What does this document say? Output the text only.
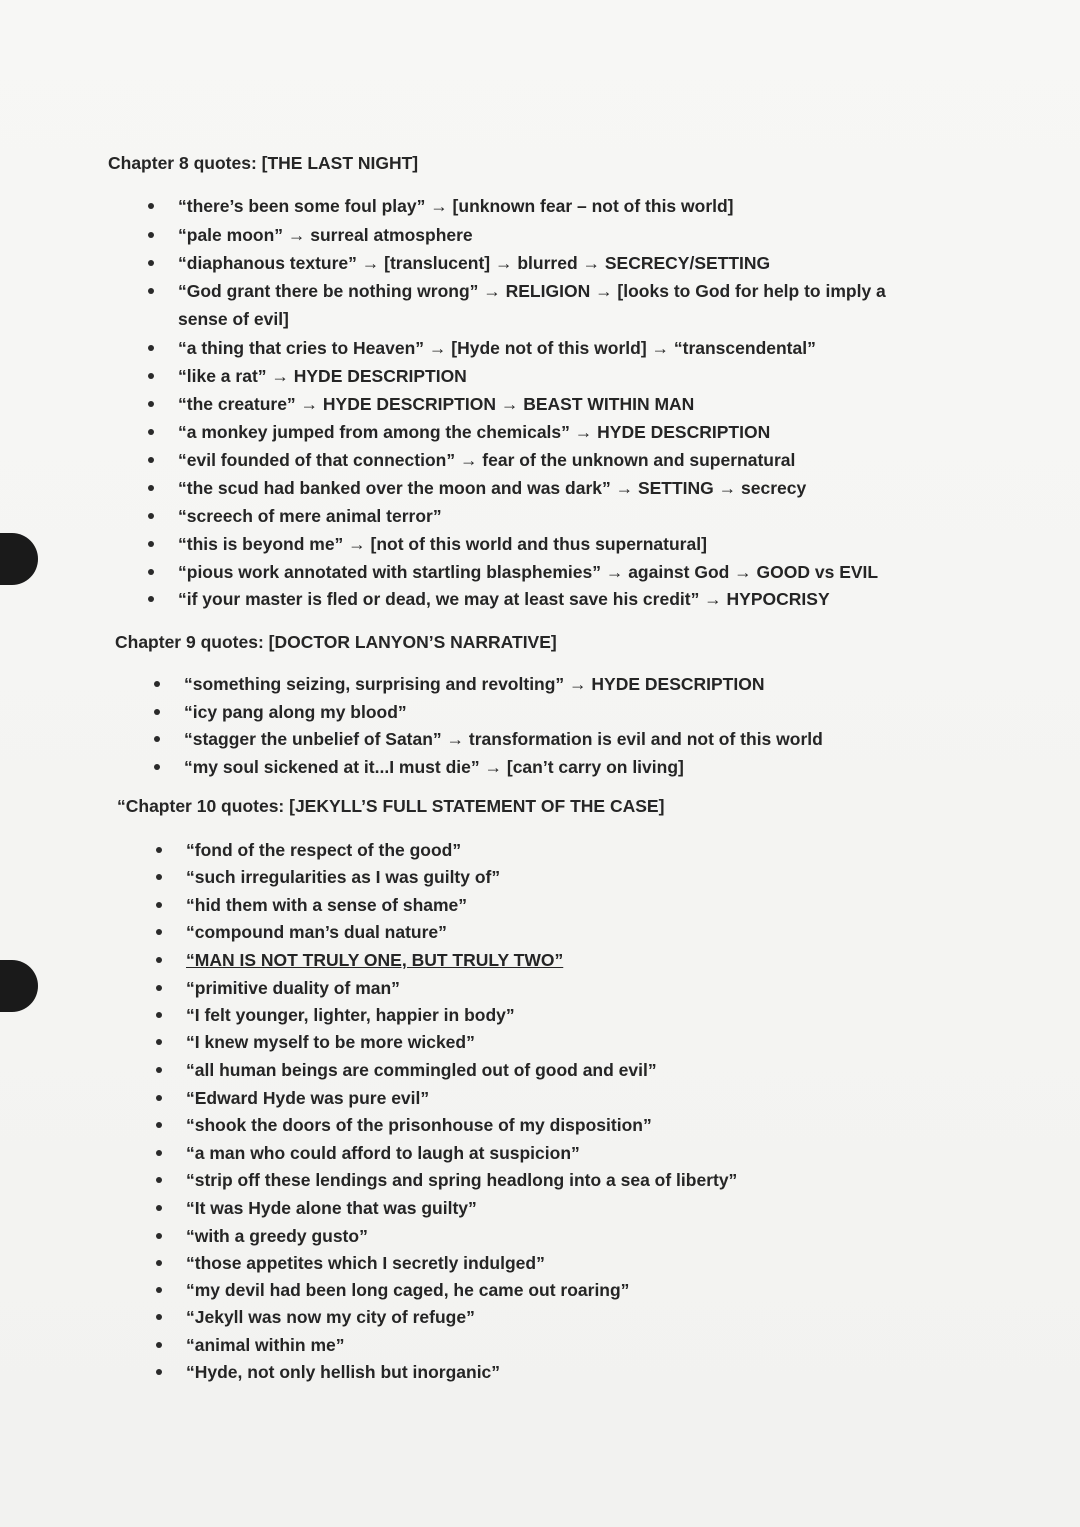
Chapter 8 quotes: [THE LAST NIGHT]
“there’s been some foul play” → [unknown fear – not of this world]
“pale moon” → surreal atmosphere
“diaphanous texture” → [translucent] → blurred → SECRECY/SETTING
“God grant there be nothing wrong” → RELIGION → [looks to God for help to imply a
sense of evil]
“a thing that cries to Heaven” → [Hyde not of this world] → “transcendental”
“like a rat” → HYDE DESCRIPTION
“the creature” → HYDE DESCRIPTION → BEAST WITHIN MAN
“a monkey jumped from among the chemicals” → HYDE DESCRIPTION
“evil founded of that connection” → fear of the unknown and supernatural
“the scud had banked over the moon and was dark” → SETTING → secrecy
“screech of mere animal terror”
“this is beyond me” → [not of this world and thus supernatural]
“pious work annotated with startling blasphemies” → against God → GOOD vs EVIL
“if your master is fled or dead, we may at least save his credit” → HYPOCRISY
Chapter 9 quotes: [DOCTOR LANYON’S NARRATIVE]
“something seizing, surprising and revolting” → HYDE DESCRIPTION
“icy pang along my blood”
“stagger the unbelief of Satan” → transformation is evil and not of this world
“my soul sickened at it...I must die” → [can’t carry on living]
“Chapter 10 quotes: [JEKYLL’S FULL STATEMENT OF THE CASE]
“fond of the respect of the good”
“such irregularities as I was guilty of”
“hid them with a sense of shame”
“compound man’s dual nature”
“MAN IS NOT TRULY ONE, BUT TRULY TWO”
“primitive duality of man”
“I felt younger, lighter, happier in body”
“I knew myself to be more wicked”
“all human beings are commingled out of good and evil”
“Edward Hyde was pure evil”
“shook the doors of the prisonhouse of my disposition”
“a man who could afford to laugh at suspicion”
“strip off these lendings and spring headlong into a sea of liberty”
“It was Hyde alone that was guilty”
“with a greedy gusto”
“those appetites which I secretly indulged”
“my devil had been long caged, he came out roaring”
“Jekyll was now my city of refuge”
“animal within me”
“Hyde, not only hellish but inorganic”
